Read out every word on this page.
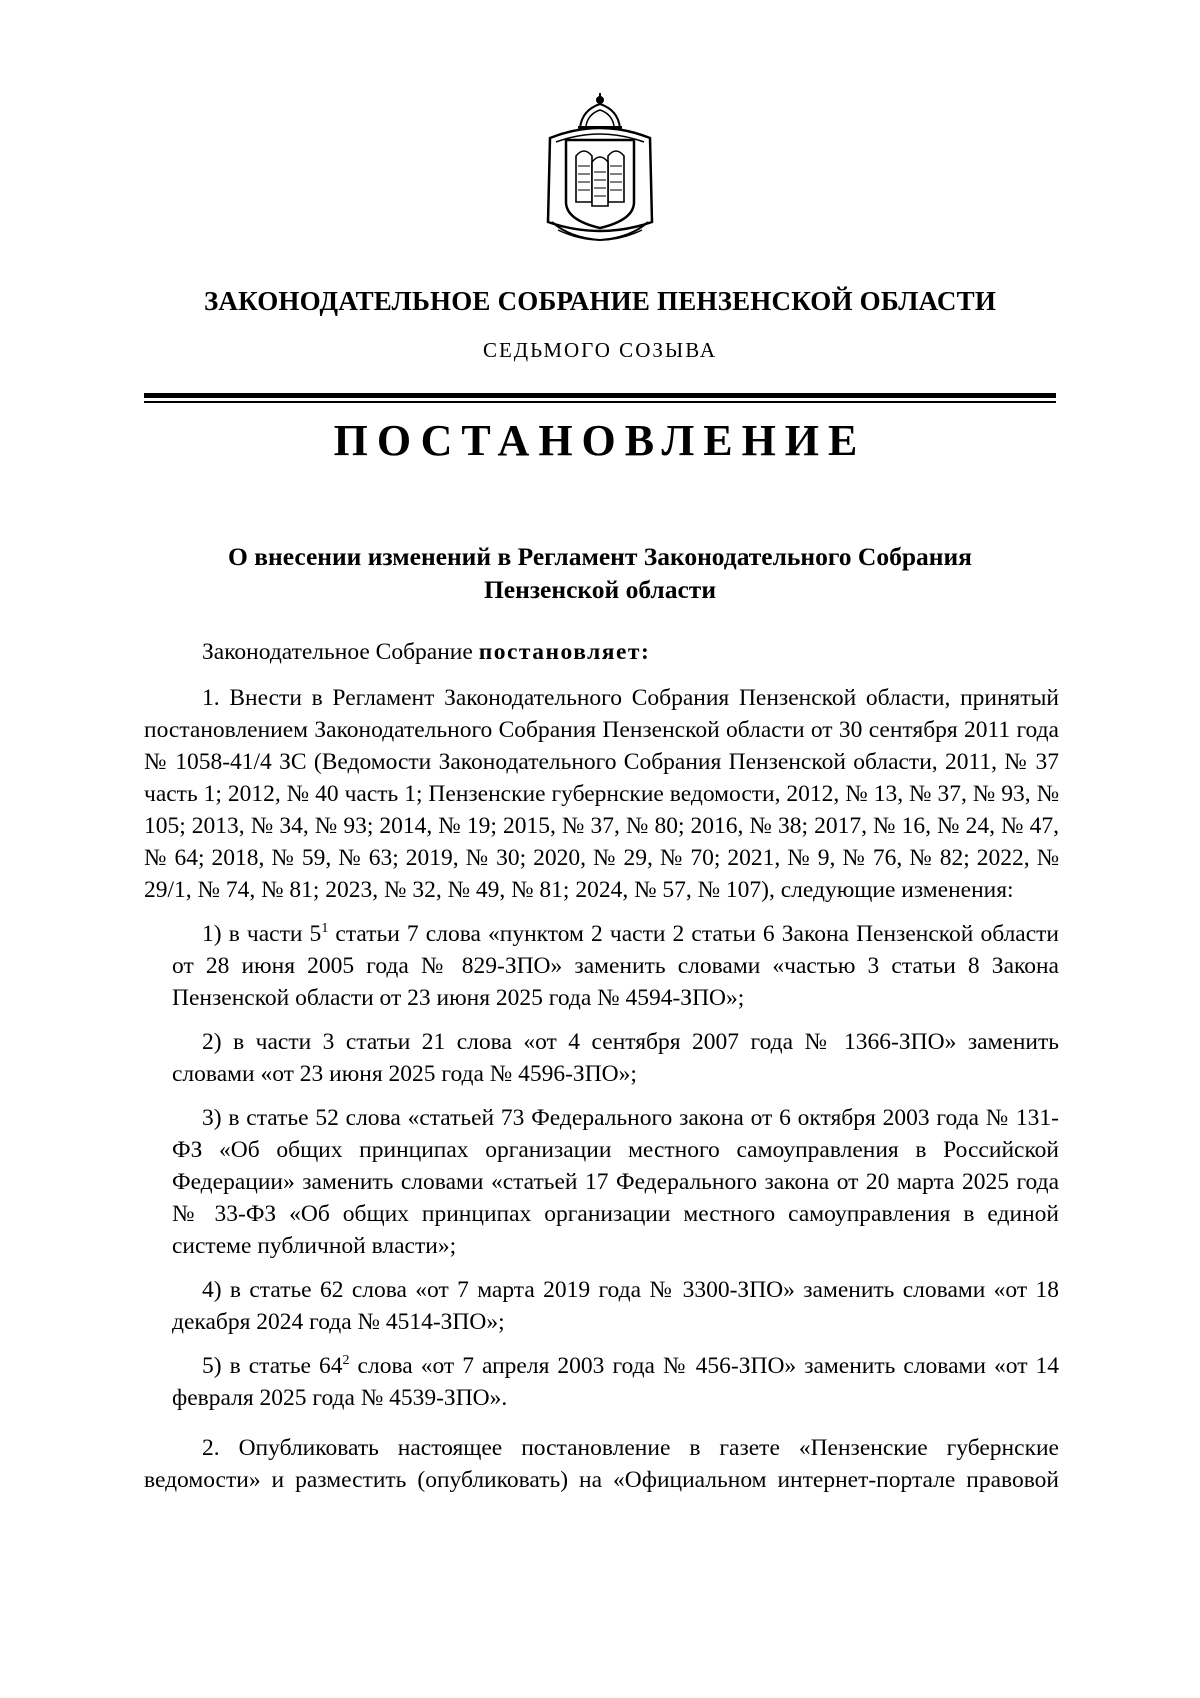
ЗАКОНОДАТЕЛЬНОЕ СОБРАНИЕ ПЕНЗЕНСКОЙ ОБЛАСТИ
СЕДЬМОГО СОЗЫВА
ПОСТАНОВЛЕНИЕ
О внесении изменений в Регламент Законодательного Собрания
Пензенской области

Законодательное Собрание постановляет:

1. Внести в Регламент Законодательного Собрания Пензенской области, принятый постановлением Законодательного Собрания Пензенской области от 30 сентября 2011 года № 1058-41/4 ЗС (Ведомости Законодательного Собрания Пензенской области, 2011, № 37 часть 1; 2012, № 40 часть 1; Пензенские губернские ведомости, 2012, № 13, № 37, № 93, № 105; 2013, № 34, № 93; 2014, № 19; 2015, № 37, № 80; 2016, № 38; 2017, № 16, № 24, № 47, № 64; 2018, № 59, № 63; 2019, № 30; 2020, № 29, № 70; 2021, № 9, № 76, № 82; 2022, № 29/1, № 74, № 81; 2023, № 32, № 49, № 81; 2024, № 57, № 107), следующие изменения:

1) в части $5^1$ статьи 7 слова «пунктом 2 части 2 статьи 6 Закона Пензенской области от 28 июня 2005 года № 829-ЗПО» заменить словами «частью 3 статьи 8 Закона Пензенской области от 23 июня 2025 года № 4594-ЗПО»;

2) в части 3 статьи 21 слова «от 4 сентября 2007 года № 1366-ЗПО» заменить словами «от 23 июня 2025 года № 4596-ЗПО»;

3) в статье 52 слова «статьей 73 Федерального закона от 6 октября 2003 года № 131-ФЗ «Об общих принципах организации местного самоуправления в Российской Федерации» заменить словами «статьей 17 Федерального закона от 20 марта 2025 года № 33-ФЗ «Об общих принципах организации местного самоуправления в единой системе публичной власти»;

4) в статье 62 слова «от 7 марта 2019 года № 3300-ЗПО» заменить словами «от 18 декабря 2024 года № 4514-ЗПО»;

5) в статье $64^2$ слова «от 7 апреля 2003 года № 456-ЗПО» заменить словами «от 14 февраля 2025 года № 4539-ЗПО».

2. Опубликовать настоящее постановление в газете «Пензенские губернские ведомости» и разместить (опубликовать) на «Официальном интернет-портале правовой
